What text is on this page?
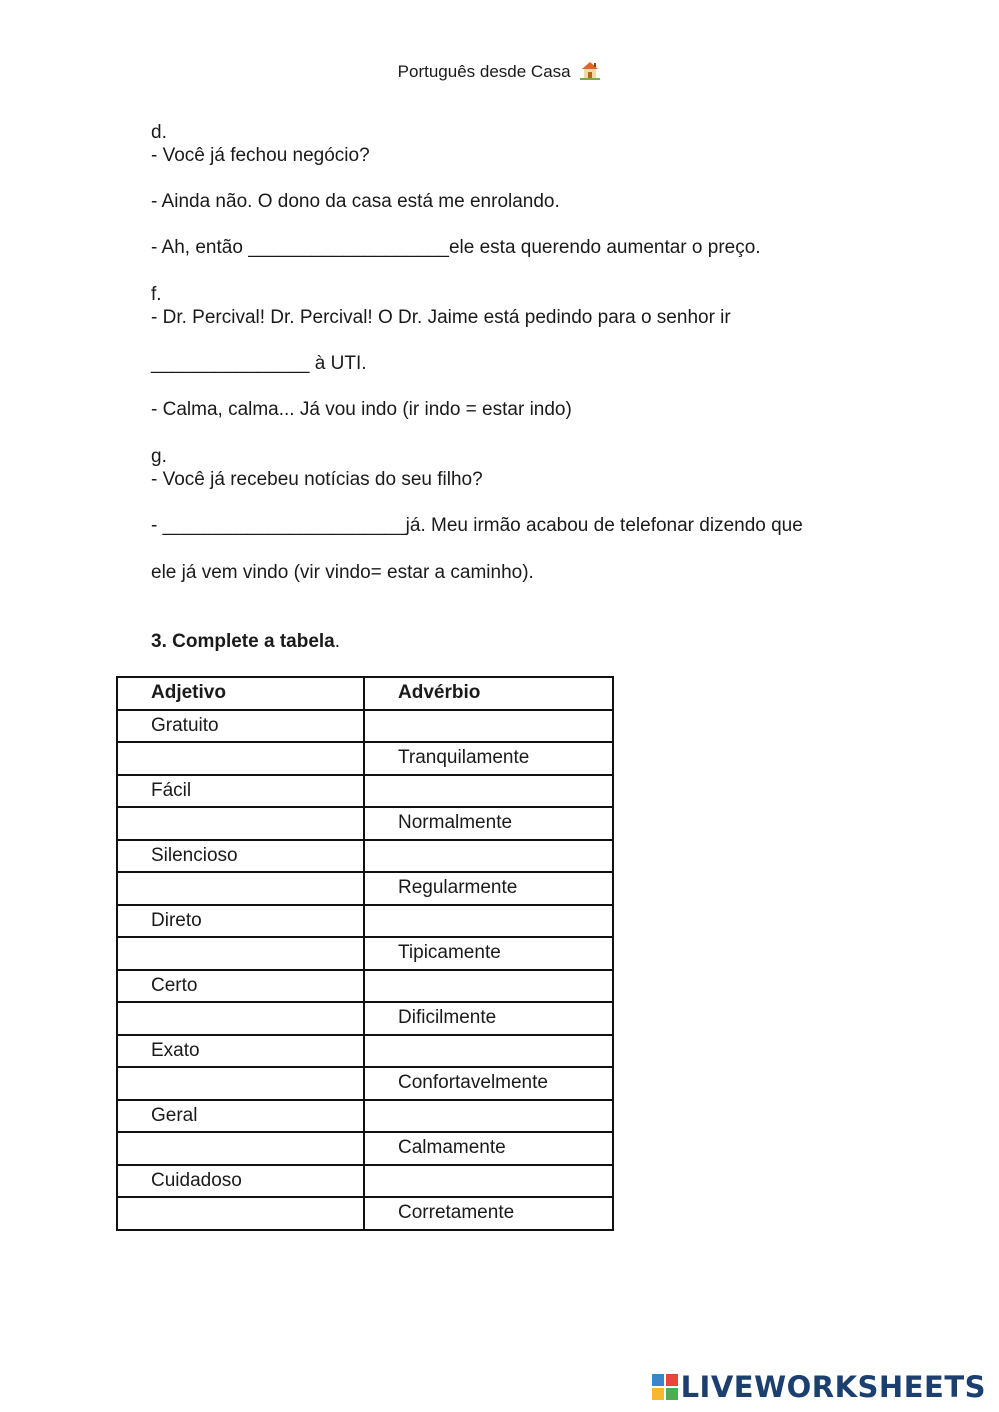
Português desde Casa
d.
- Você já fechou negócio?
- Ainda não. O dono da casa está me enrolando.
- Ah, então ___________________ele esta querendo aumentar o preço.
f.
- Dr. Percival! Dr. Percival! O Dr. Jaime está pedindo para o senhor ir
_______________ à UTI.
- Calma, calma... Já vou indo (ir indo = estar indo)
g.
- Você já recebeu notícias do seu filho?
- _______________________já. Meu irmão acabou de telefonar dizendo que
ele já vem vindo (vir vindo= estar a caminho).
3. Complete a tabela.
Adjetivo	Advérbio
Gratuito	
	Tranquilamente
Fácil	
	Normalmente
Silencioso	
	Regularmente
Direto	
	Tipicamente
Certo	
	Dificilmente
Exato	
	Confortavelmente
Geral	
	Calmamente
Cuidadoso	
	Corretamente
LIVEWORKSHEETS
